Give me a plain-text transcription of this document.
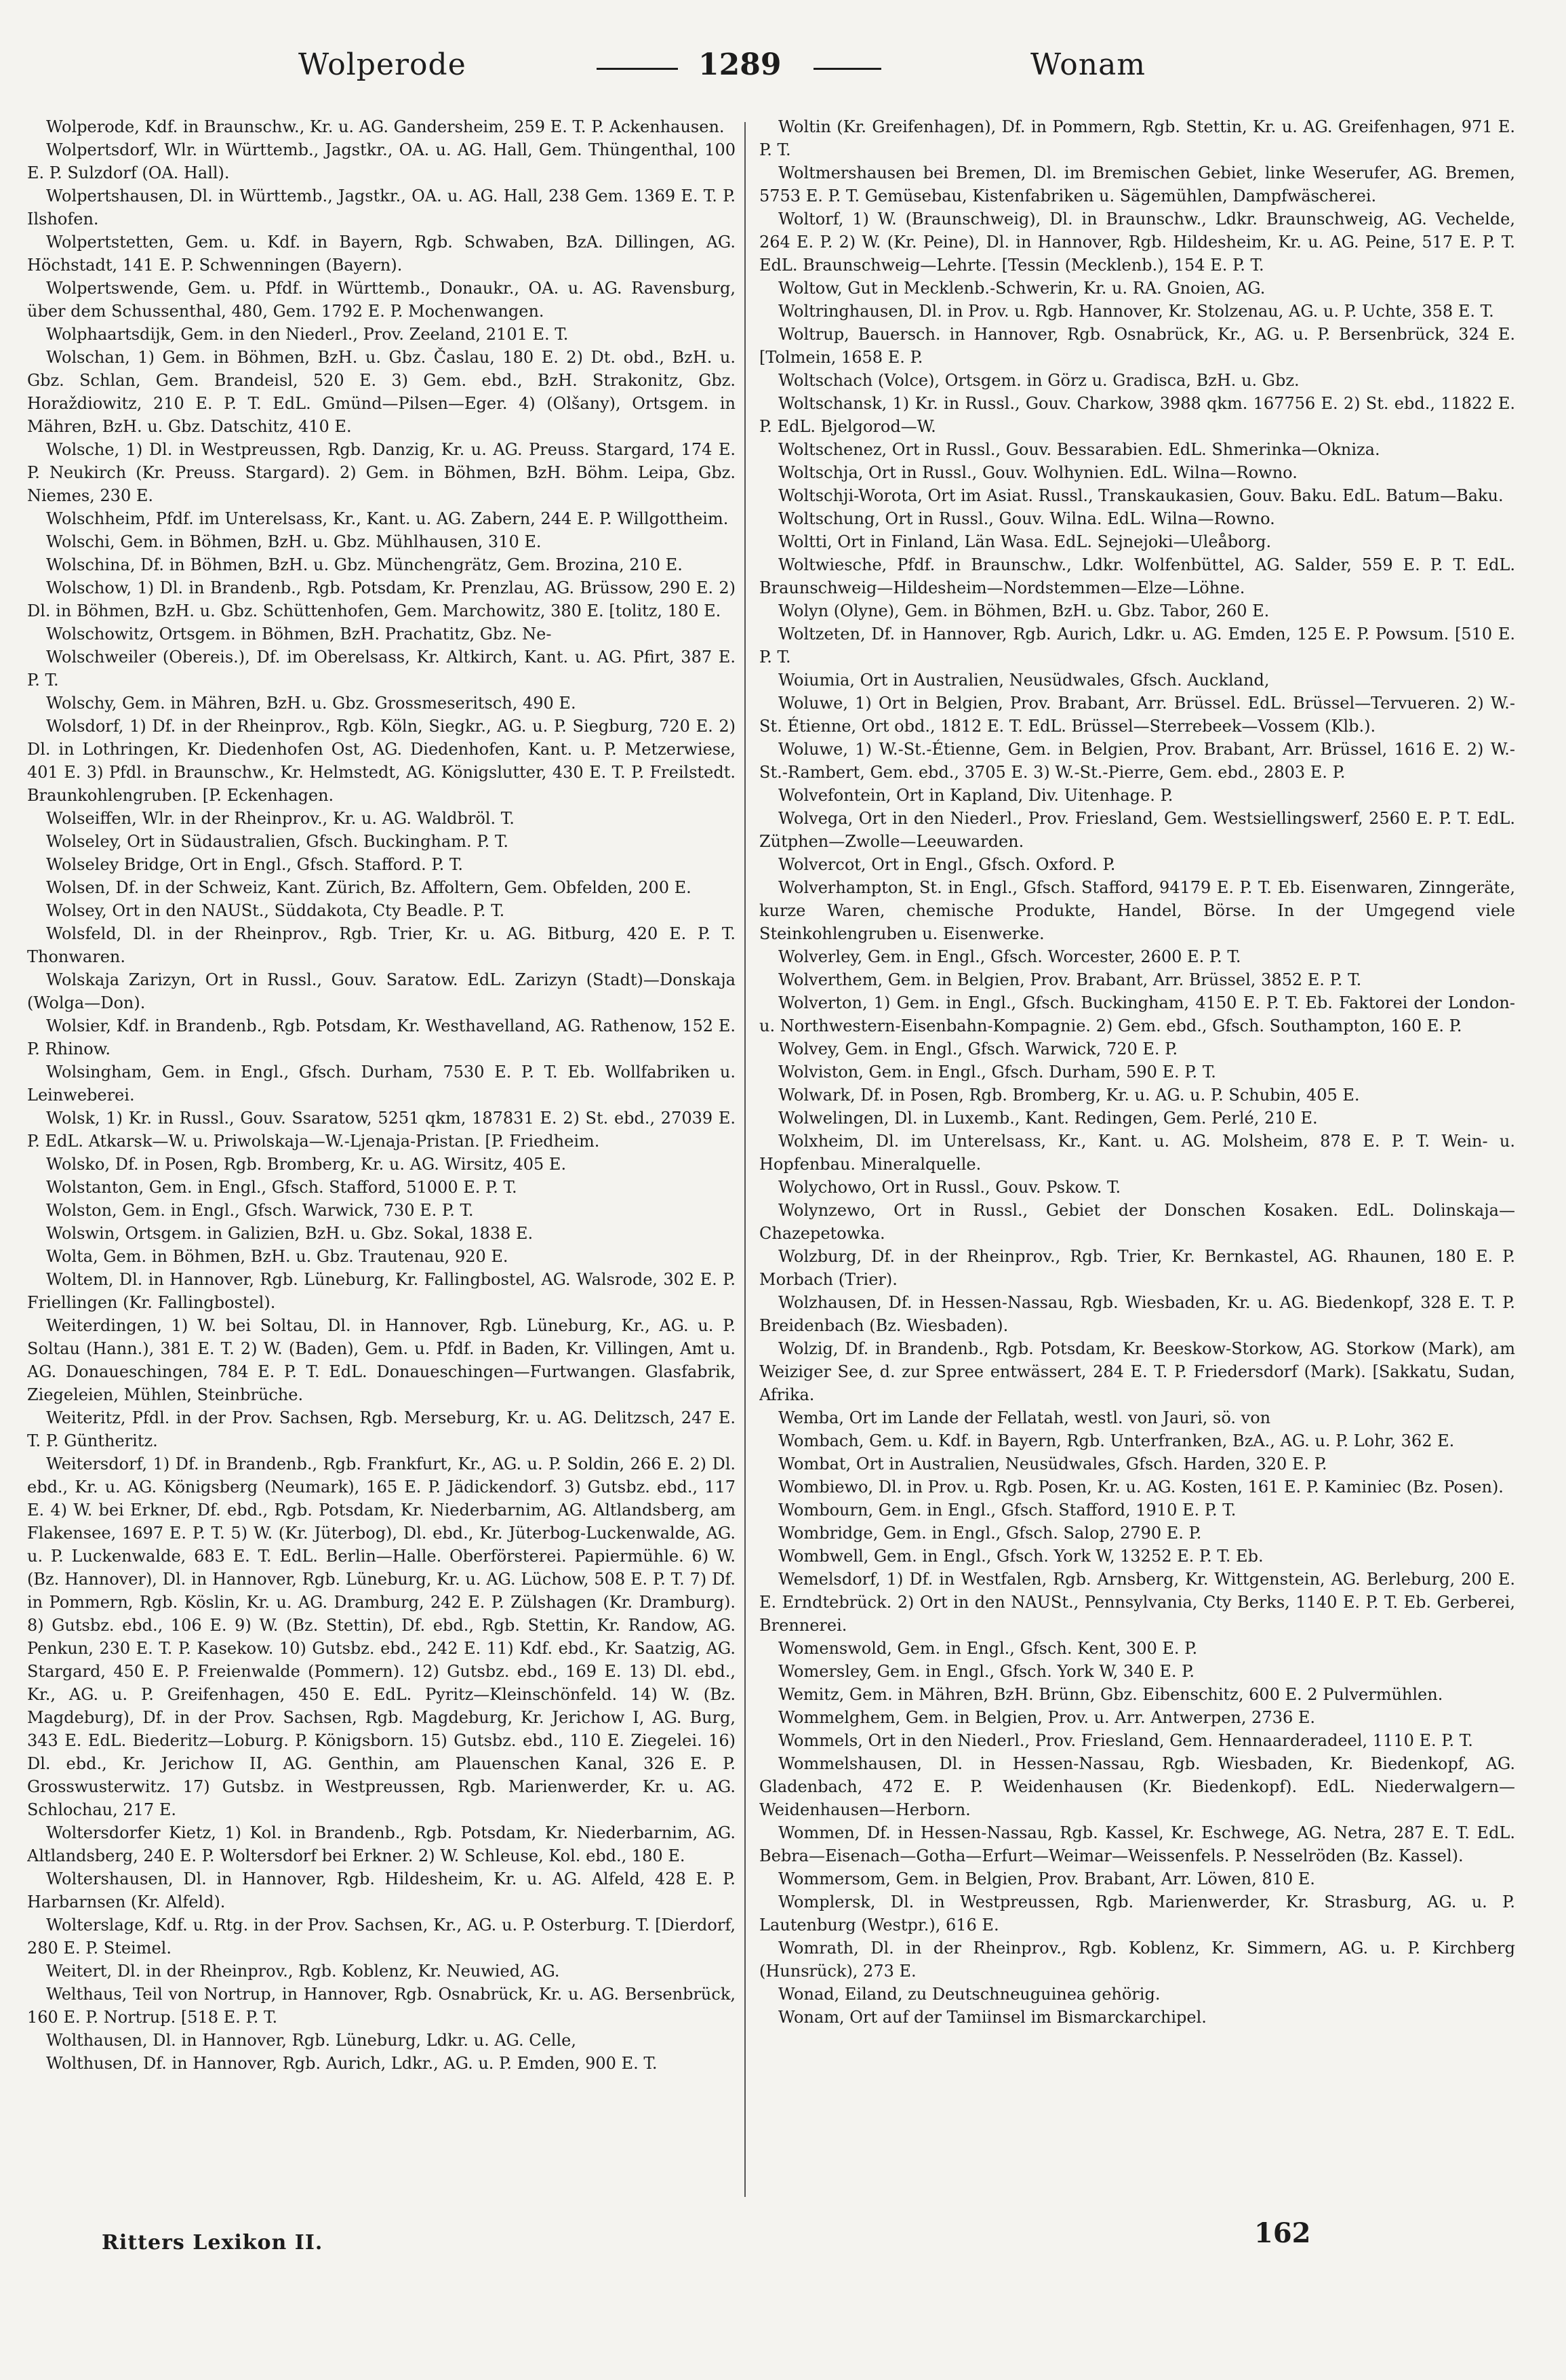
Wolperode	1289	Wonam

Wolperode, Kdf. in Braunschw., Kr. u. AG. Gandersheim, 259 E. T. P. Ackenhausen.

Wolpertsdorf, Wlr. in Württemb., Jagstkr., OA. u. AG. Hall, Gem. Thüngenthal, 100 E. P. Sulzdorf (OA. Hall).

Wolpertshausen, Dl. in Württemb., Jagstkr., OA. u. AG. Hall, 238 Gem. 1369 E. T. P. Ilshofen.

Wolpertstetten, Gem. u. Kdf. in Bayern, Rgb. Schwaben, BzA. Dillingen, AG. Höchstadt, 141 E. P. Schwenningen (Bayern).

Wolpertswende, Gem. u. Pfdf. in Württemb., Donaukr., OA. u. AG. Ravensburg, über dem Schussenthal, 480, Gem. 1792 E. P. Mochenwangen.

Wolphaartsdijk, Gem. in den Niederl., Prov. Zeeland, 2101 E. T.

Wolschan, 1) Gem. in Böhmen, BzH. u. Gbz. Časlau, 180 E. 2) Dt. obd., BzH. u. Gbz. Schlan, Gem. Brandeisl, 520 E. 3) Gem. ebd., BzH. Strakonitz, Gbz. Horaždiowitz, 210 E. P. T. EdL. Gmünd—Pilsen—Eger. 4) (Olšany), Ortsgem. in Mähren, BzH. u. Gbz. Datschitz, 410 E.

Wolsche, 1) Dl. in Westpreussen, Rgb. Danzig, Kr. u. AG. Preuss. Stargard, 174 E. P. Neukirch (Kr. Preuss. Stargard). 2) Gem. in Böhmen, BzH. Böhm. Leipa, Gbz. Niemes, 230 E.

Wolschheim, Pfdf. im Unterelsass, Kr., Kant. u. AG. Zabern, 244 E. P. Willgottheim.

Wolschi, Gem. in Böhmen, BzH. u. Gbz. Mühlhausen, 310 E.

Wolschina, Df. in Böhmen, BzH. u. Gbz. Münchengrätz, Gem. Brozina, 210 E.

Wolschow, 1) Dl. in Brandenb., Rgb. Potsdam, Kr. Prenzlau, AG. Brüssow, 290 E. 2) Dl. in Böhmen, BzH. u. Gbz. Schüttenhofen, Gem. Marchowitz, 380 E. [tolitz, 180 E.

Wolschowitz, Ortsgem. in Böhmen, BzH. Prachatitz, Gbz. Ne-

Wolschweiler (Obereis.), Df. im Oberelsass, Kr. Altkirch, Kant. u. AG. Pfirt, 387 E. P. T.

Wolschy, Gem. in Mähren, BzH. u. Gbz. Grossmeseritsch, 490 E.

Wolsdorf, 1) Df. in der Rheinprov., Rgb. Köln, Siegkr., AG. u. P. Siegburg, 720 E. 2) Dl. in Lothringen, Kr. Diedenhofen Ost, AG. Diedenhofen, Kant. u. P. Metzerwiese, 401 E. 3) Pfdl. in Braunschw., Kr. Helmstedt, AG. Königslutter, 430 E. T. P. Freilstedt. Braunkohlengruben. [P. Eckenhagen.

Wolseiffen, Wlr. in der Rheinprov., Kr. u. AG. Waldbröl. T.

Wolseley, Ort in Südaustralien, Gfsch. Buckingham. P. T.

Wolseley Bridge, Ort in Engl., Gfsch. Stafford. P. T.

Wolsen, Df. in der Schweiz, Kant. Zürich, Bz. Affoltern, Gem. Obfelden, 200 E.

Wolsey, Ort in den NAUSt., Süddakota, Cty Beadle. P. T.

Wolsfeld, Dl. in der Rheinprov., Rgb. Trier, Kr. u. AG. Bitburg, 420 E. P. T. Thonwaren.

Wolskaja Zarizyn, Ort in Russl., Gouv. Saratow. EdL. Zarizyn (Stadt)—Donskaja (Wolga—Don).

Wolsier, Kdf. in Brandenb., Rgb. Potsdam, Kr. Westhavelland, AG. Rathenow, 152 E. P. Rhinow.

Wolsingham, Gem. in Engl., Gfsch. Durham, 7530 E. P. T. Eb. Wollfabriken u. Leinweberei.

Wolsk, 1) Kr. in Russl., Gouv. Ssaratow, 5251 qkm, 187831 E. 2) St. ebd., 27039 E. P. EdL. Atkarsk—W. u. Priwolskaja—W.-Ljenaja-Pristan. [P. Friedheim.

Wolsko, Df. in Posen, Rgb. Bromberg, Kr. u. AG. Wirsitz, 405 E.

Wolstanton, Gem. in Engl., Gfsch. Stafford, 51000 E. P. T.

Wolston, Gem. in Engl., Gfsch. Warwick, 730 E. P. T.

Wolswin, Ortsgem. in Galizien, BzH. u. Gbz. Sokal, 1838 E.

Wolta, Gem. in Böhmen, BzH. u. Gbz. Trautenau, 920 E.

Woltem, Dl. in Hannover, Rgb. Lüneburg, Kr. Fallingbostel, AG. Walsrode, 302 E. P. Friellingen (Kr. Fallingbostel).

Weiterdingen, 1) W. bei Soltau, Dl. in Hannover, Rgb. Lüneburg, Kr., AG. u. P. Soltau (Hann.), 381 E. T. 2) W. (Baden), Gem. u. Pfdf. in Baden, Kr. Villingen, Amt u. AG. Donaueschingen, 784 E. P. T. EdL. Donaueschingen—Furtwangen. Glasfabrik, Ziegeleien, Mühlen, Steinbrüche.

Weiteritz, Pfdl. in der Prov. Sachsen, Rgb. Merseburg, Kr. u. AG. Delitzsch, 247 E. T. P. Güntheritz.

Weitersdorf, 1) Df. in Brandenb., Rgb. Frankfurt, Kr., AG. u. P. Soldin, 266 E. 2) Dl. ebd., Kr. u. AG. Königsberg (Neumark), 165 E. P. Jädickendorf. 3) Gutsbz. ebd., 117 E. 4) W. bei Erkner, Df. ebd., Rgb. Potsdam, Kr. Niederbarnim, AG. Altlandsberg, am Flakensee, 1697 E. P. T. 5) W. (Kr. Jüterbog), Dl. ebd., Kr. Jüterbog-Luckenwalde, AG. u. P. Luckenwalde, 683 E. T. EdL. Berlin—Halle. Oberförsterei. Papiermühle. 6) W. (Bz. Hannover), Dl. in Hannover, Rgb. Lüneburg, Kr. u. AG. Lüchow, 508 E. P. T. 7) Df. in Pommern, Rgb. Köslin, Kr. u. AG. Dramburg, 242 E. P. Zülshagen (Kr. Dramburg). 8) Gutsbz. ebd., 106 E. 9) W. (Bz. Stettin), Df. ebd., Rgb. Stettin, Kr. Randow, AG. Penkun, 230 E. T. P. Kasekow. 10) Gutsbz. ebd., 242 E. 11) Kdf. ebd., Kr. Saatzig, AG. Stargard, 450 E. P. Freienwalde (Pommern). 12) Gutsbz. ebd., 169 E. 13) Dl. ebd., Kr., AG. u. P. Greifenhagen, 450 E. EdL. Pyritz—Kleinschönfeld. 14) W. (Bz. Magdeburg), Df. in der Prov. Sachsen, Rgb. Magdeburg, Kr. Jerichow I, AG. Burg, 343 E. EdL. Biederitz—Loburg. P. Königsborn. 15) Gutsbz. ebd., 110 E. Ziegelei. 16) Dl. ebd., Kr. Jerichow II, AG. Genthin, am Plauenschen Kanal, 326 E. P. Grosswusterwitz. 17) Gutsbz. in Westpreussen, Rgb. Marienwerder, Kr. u. AG. Schlochau, 217 E.

Woltersdorfer Kietz, 1) Kol. in Brandenb., Rgb. Potsdam, Kr. Niederbarnim, AG. Altlandsberg, 240 E. P. Woltersdorf bei Erkner. 2) W. Schleuse, Kol. ebd., 180 E.

Woltershausen, Dl. in Hannover, Rgb. Hildesheim, Kr. u. AG. Alfeld, 428 E. P. Harbarnsen (Kr. Alfeld).

Wolterslage, Kdf. u. Rtg. in der Prov. Sachsen, Kr., AG. u. P. Osterburg. T. [Dierdorf, 280 E. P. Steimel.

Weitert, Dl. in der Rheinprov., Rgb. Koblenz, Kr. Neuwied, AG.

Welthaus, Teil von Nortrup, in Hannover, Rgb. Osnabrück, Kr. u. AG. Bersenbrück, 160 E. P. Nortrup. [518 E. P. T.

Wolthausen, Dl. in Hannover, Rgb. Lüneburg, Ldkr. u. AG. Celle,

Wolthusen, Df. in Hannover, Rgb. Aurich, Ldkr., AG. u. P. Emden, 900 E. T.

Woltin (Kr. Greifenhagen), Df. in Pommern, Rgb. Stettin, Kr. u. AG. Greifenhagen, 971 E. P. T.

Woltmershausen bei Bremen, Dl. im Bremischen Gebiet, linke Weserufer, AG. Bremen, 5753 E. P. T. Gemüsebau, Kistenfabriken u. Sägemühlen, Dampfwäscherei.

Woltorf, 1) W. (Braunschweig), Dl. in Braunschw., Ldkr. Braunschweig, AG. Vechelde, 264 E. P. 2) W. (Kr. Peine), Dl. in Hannover, Rgb. Hildesheim, Kr. u. AG. Peine, 517 E. P. T. EdL. Braunschweig—Lehrte. [Tessin (Mecklenb.), 154 E. P. T.

Woltow, Gut in Mecklenb.-Schwerin, Kr. u. RA. Gnoien, AG.

Woltringhausen, Dl. in Prov. u. Rgb. Hannover, Kr. Stolzenau, AG. u. P. Uchte, 358 E. T.

Woltrup, Bauersch. in Hannover, Rgb. Osnabrück, Kr., AG. u. P. Bersenbrück, 324 E. [Tolmein, 1658 E. P.

Woltschach (Volce), Ortsgem. in Görz u. Gradisca, BzH. u. Gbz.

Woltschansk, 1) Kr. in Russl., Gouv. Charkow, 3988 qkm. 167756 E. 2) St. ebd., 11822 E. P. EdL. Bjelgorod—W.

Woltschenez, Ort in Russl., Gouv. Bessarabien. EdL. Shmerinka—Okniza.

Woltschja, Ort in Russl., Gouv. Wolhynien. EdL. Wilna—Rowno.

Woltschji-Worota, Ort im Asiat. Russl., Transkaukasien, Gouv. Baku. EdL. Batum—Baku.

Woltschung, Ort in Russl., Gouv. Wilna. EdL. Wilna—Rowno.

Woltti, Ort in Finland, Län Wasa. EdL. Sejnejoki—Uleåborg.

Woltwiesche, Pfdf. in Braunschw., Ldkr. Wolfenbüttel, AG. Salder, 559 E. P. T. EdL. Braunschweig—Hildesheim—Nordstemmen—Elze—Löhne.

Wolyn (Olyne), Gem. in Böhmen, BzH. u. Gbz. Tabor, 260 E.

Woltzeten, Df. in Hannover, Rgb. Aurich, Ldkr. u. AG. Emden, 125 E. P. Powsum. [510 E. P. T.

Woiumia, Ort in Australien, Neusüdwales, Gfsch. Auckland,

Woluwe, 1) Ort in Belgien, Prov. Brabant, Arr. Brüssel. EdL. Brüssel—Tervueren. 2) W.-St. Étienne, Ort obd., 1812 E. T. EdL. Brüssel—Sterrebeek—Vossem (Klb.).

Woluwe, 1) W.-St.-Étienne, Gem. in Belgien, Prov. Brabant, Arr. Brüssel, 1616 E. 2) W.-St.-Rambert, Gem. ebd., 3705 E. 3) W.-St.-Pierre, Gem. ebd., 2803 E. P.

Wolvefontein, Ort in Kapland, Div. Uitenhage. P.

Wolvega, Ort in den Niederl., Prov. Friesland, Gem. Westsiellingswerf, 2560 E. P. T. EdL. Zütphen—Zwolle—Leeuwarden.

Wolvercot, Ort in Engl., Gfsch. Oxford. P.

Wolverhampton, St. in Engl., Gfsch. Stafford, 94179 E. P. T. Eb. Eisenwaren, Zinngeräte, kurze Waren, chemische Produkte, Handel, Börse. In der Umgegend viele Steinkohlengruben u. Eisenwerke.

Wolverley, Gem. in Engl., Gfsch. Worcester, 2600 E. P. T.

Wolverthem, Gem. in Belgien, Prov. Brabant, Arr. Brüssel, 3852 E. P. T.

Wolverton, 1) Gem. in Engl., Gfsch. Buckingham, 4150 E. P. T. Eb. Faktorei der London- u. Northwestern-Eisenbahn-Kompagnie. 2) Gem. ebd., Gfsch. Southampton, 160 E. P.

Wolvey, Gem. in Engl., Gfsch. Warwick, 720 E. P.

Wolviston, Gem. in Engl., Gfsch. Durham, 590 E. P. T.

Wolwark, Df. in Posen, Rgb. Bromberg, Kr. u. AG. u. P. Schubin, 405 E.

Wolwelingen, Dl. in Luxemb., Kant. Redingen, Gem. Perlé, 210 E.

Wolxheim, Dl. im Unterelsass, Kr., Kant. u. AG. Molsheim, 878 E. P. T. Wein- u. Hopfenbau. Mineralquelle.

Wolychowo, Ort in Russl., Gouv. Pskow. T.

Wolynzewo, Ort in Russl., Gebiet der Donschen Kosaken. EdL. Dolinskaja—Chazepetowka.

Wolzburg, Df. in der Rheinprov., Rgb. Trier, Kr. Bernkastel, AG. Rhaunen, 180 E. P. Morbach (Trier).

Wolzhausen, Df. in Hessen-Nassau, Rgb. Wiesbaden, Kr. u. AG. Biedenkopf, 328 E. T. P. Breidenbach (Bz. Wiesbaden).

Wolzig, Df. in Brandenb., Rgb. Potsdam, Kr. Beeskow-Storkow, AG. Storkow (Mark), am Weiziger See, d. zur Spree entwässert, 284 E. T. P. Friedersdorf (Mark). [Sakkatu, Sudan, Afrika.

Wemba, Ort im Lande der Fellatah, westl. von Jauri, sö. von

Wombach, Gem. u. Kdf. in Bayern, Rgb. Unterfranken, BzA., AG. u. P. Lohr, 362 E.

Wombat, Ort in Australien, Neusüdwales, Gfsch. Harden, 320 E. P.

Wombiewo, Dl. in Prov. u. Rgb. Posen, Kr. u. AG. Kosten, 161 E. P. Kaminiec (Bz. Posen).

Wombourn, Gem. in Engl., Gfsch. Stafford, 1910 E. P. T.

Wombridge, Gem. in Engl., Gfsch. Salop, 2790 E. P.

Wombwell, Gem. in Engl., Gfsch. York W, 13252 E. P. T. Eb.

Wemelsdorf, 1) Df. in Westfalen, Rgb. Arnsberg, Kr. Wittgenstein, AG. Berleburg, 200 E. E. Erndtebrück. 2) Ort in den NAUSt., Pennsylvania, Cty Berks, 1140 E. P. T. Eb. Gerberei, Brennerei.

Womenswold, Gem. in Engl., Gfsch. Kent, 300 E. P.

Womersley, Gem. in Engl., Gfsch. York W, 340 E. P.

Wemitz, Gem. in Mähren, BzH. Brünn, Gbz. Eibenschitz, 600 E. 2 Pulvermühlen.

Wommelghem, Gem. in Belgien, Prov. u. Arr. Antwerpen, 2736 E.

Wommels, Ort in den Niederl., Prov. Friesland, Gem. Hennaarderadeel, 1110 E. P. T.

Wommelshausen, Dl. in Hessen-Nassau, Rgb. Wiesbaden, Kr. Biedenkopf, AG. Gladenbach, 472 E. P. Weidenhausen (Kr. Biedenkopf). EdL. Niederwalgern—Weidenhausen—Herborn.

Wommen, Df. in Hessen-Nassau, Rgb. Kassel, Kr. Eschwege, AG. Netra, 287 E. T. EdL. Bebra—Eisenach—Gotha—Erfurt—Weimar—Weissenfels. P. Nesselröden (Bz. Kassel).

Wommersom, Gem. in Belgien, Prov. Brabant, Arr. Löwen, 810 E.

Womplersk, Dl. in Westpreussen, Rgb. Marienwerder, Kr. Strasburg, AG. u. P. Lautenburg (Westpr.), 616 E.

Womrath, Dl. in der Rheinprov., Rgb. Koblenz, Kr. Simmern, AG. u. P. Kirchberg (Hunsrück), 273 E.

Wonad, Eiland, zu Deutschneuguinea gehörig.

Wonam, Ort auf der Tamiinsel im Bismarckarchipel.

Ritters Lexikon II.	162
